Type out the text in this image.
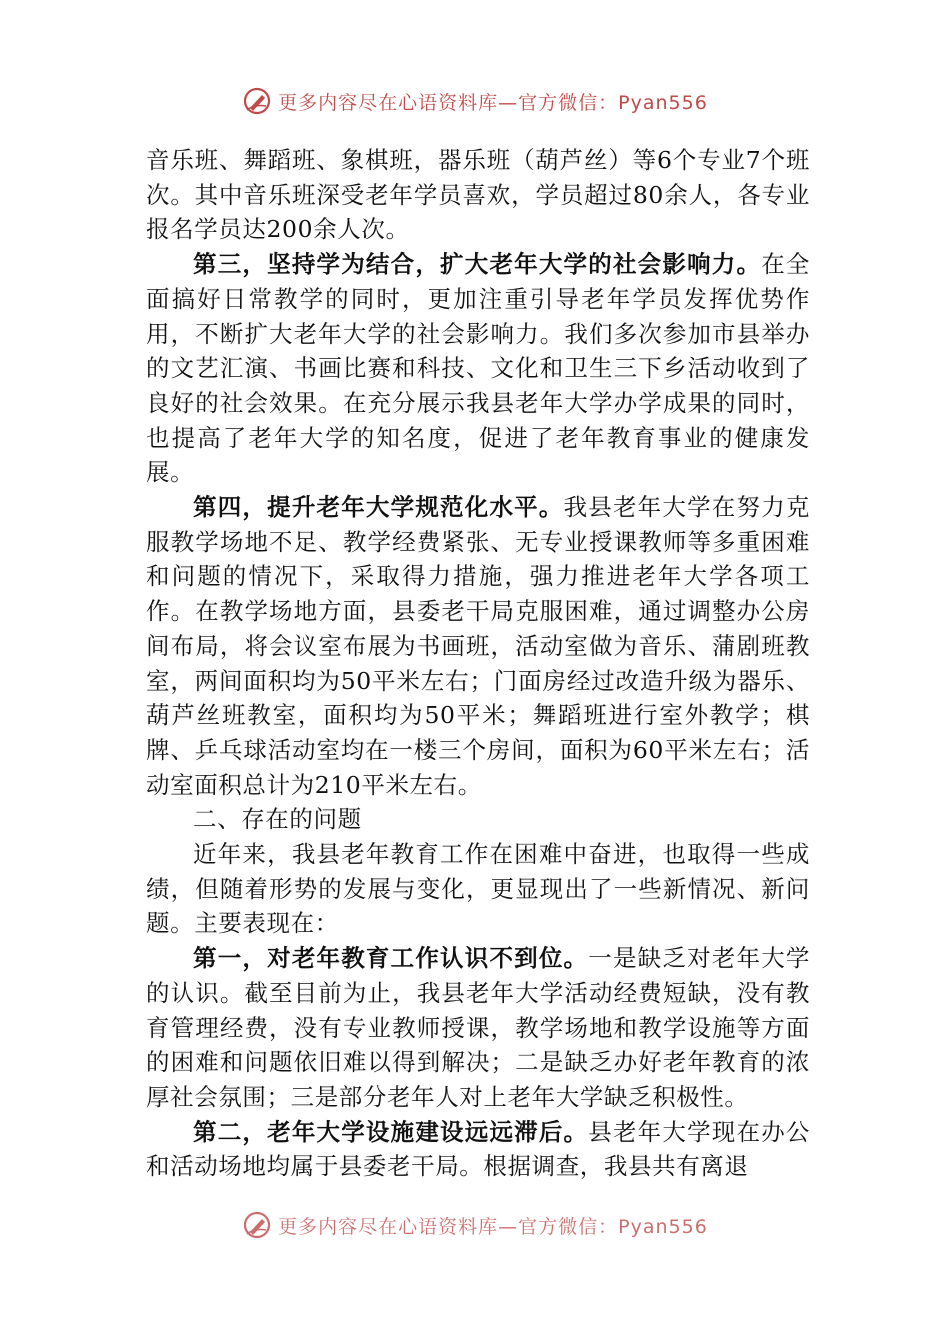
更多内容尽在心语资料库—官方微信：Pyan556

音乐班、舞蹈班、象棋班，器乐班（葫芦丝）等6个专业7个班次。其中音乐班深受老年学员喜欢，学员超过80余人，各专业报名学员达200余人次。

第三，坚持学为结合，扩大老年大学的社会影响力。在全面搞好日常教学的同时，更加注重引导老年学员发挥优势作用，不断扩大老年大学的社会影响力。我们多次参加市县举办的文艺汇演、书画比赛和科技、文化和卫生三下乡活动收到了良好的社会效果。在充分展示我县老年大学办学成果的同时，也提高了老年大学的知名度，促进了老年教育事业的健康发展。

第四，提升老年大学规范化水平。我县老年大学在努力克服教学场地不足、教学经费紧张、无专业授课教师等多重困难和问题的情况下，采取得力措施，强力推进老年大学各项工作。在教学场地方面，县委老干局克服困难，通过调整办公房间布局，将会议室布展为书画班，活动室做为音乐、蒲剧班教室，两间面积均为50平米左右；门面房经过改造升级为器乐、葫芦丝班教室，面积均为50平米；舞蹈班进行室外教学；棋牌、乒乓球活动室均在一楼三个房间，面积为60平米左右；活动室面积总计为210平米左右。

二、存在的问题

近年来，我县老年教育工作在困难中奋进，也取得一些成绩，但随着形势的发展与变化，更显现出了一些新情况、新问题。主要表现在：

第一，对老年教育工作认识不到位。一是缺乏对老年大学的认识。截至目前为止，我县老年大学活动经费短缺，没有教育管理经费，没有专业教师授课，教学场地和教学设施等方面的困难和问题依旧难以得到解决；二是缺乏办好老年教育的浓厚社会氛围；三是部分老年人对上老年大学缺乏积极性。

第二，老年大学设施建设远远滞后。县老年大学现在办公和活动场地均属于县委老干局。根据调查，我县共有离退

更多内容尽在心语资料库—官方微信：Pyan556
